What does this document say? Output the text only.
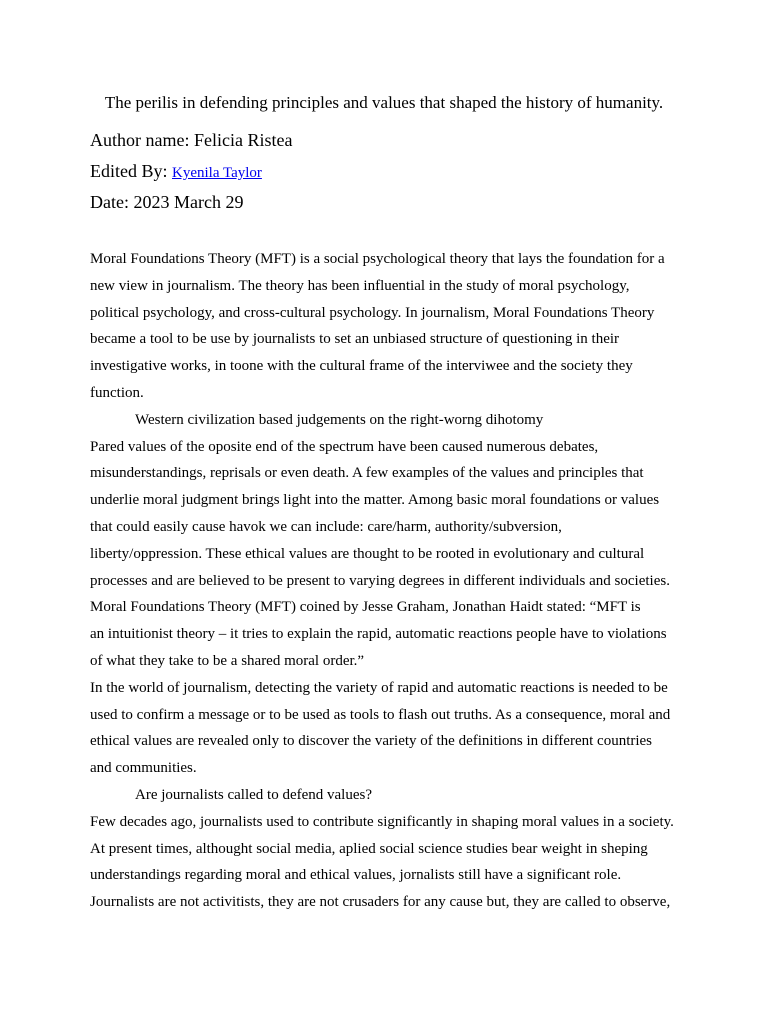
The perilis in defending principles and values that shaped the history of humanity.

Author name: Felicia Ristea

Edited By: Kyenila Taylor

Date: 2023 March 29

Moral Foundations Theory (MFT) is a social psychological theory that lays the foundation for a
new view in journalism. The theory has been influential in the study of moral psychology,
political psychology, and cross-cultural psychology. In journalism, Moral Foundations Theory
became a tool to be use by journalists to set an unbiased structure of questioning in their
investigative works, in toone with the cultural frame of the interviwee and the society they
function.
Western civilization based judgements on the right-worng dihotomy
Pared values of the oposite end of the spectrum have been caused numerous debates,
misunderstandings, reprisals or even death. A few examples of the values and principles that
underlie moral judgment brings light into the matter. Among basic moral foundations or values
that could easily cause havok we can include: care/harm, authority/subversion,
liberty/oppression. These ethical values are thought to be rooted in evolutionary and cultural
processes and are believed to be present to varying degrees in different individuals and societies.
Moral Foundations Theory (MFT) coined by Jesse Graham, Jonathan Haidt stated: “MFT is
an intuitionist theory – it tries to explain the rapid, automatic reactions people have to violations
of what they take to be a shared moral order.”
In the world of journalism, detecting the variety of rapid and automatic reactions is needed to be
used to confirm a message or to be used as tools to flash out truths. As a consequence, moral and
ethical values are revealed only to discover the variety of the definitions in different countries
and communities.
Are journalists called to defend values?
Few decades ago, journalists used to contribute significantly in shaping moral values in a society.
At present times, althought social media, aplied social science studies bear weight in sheping
understandings regarding moral and ethical values, jornalists still have a significant role.
Journalists are not activitists, they are not crusaders for any cause but, they are called to observe,
